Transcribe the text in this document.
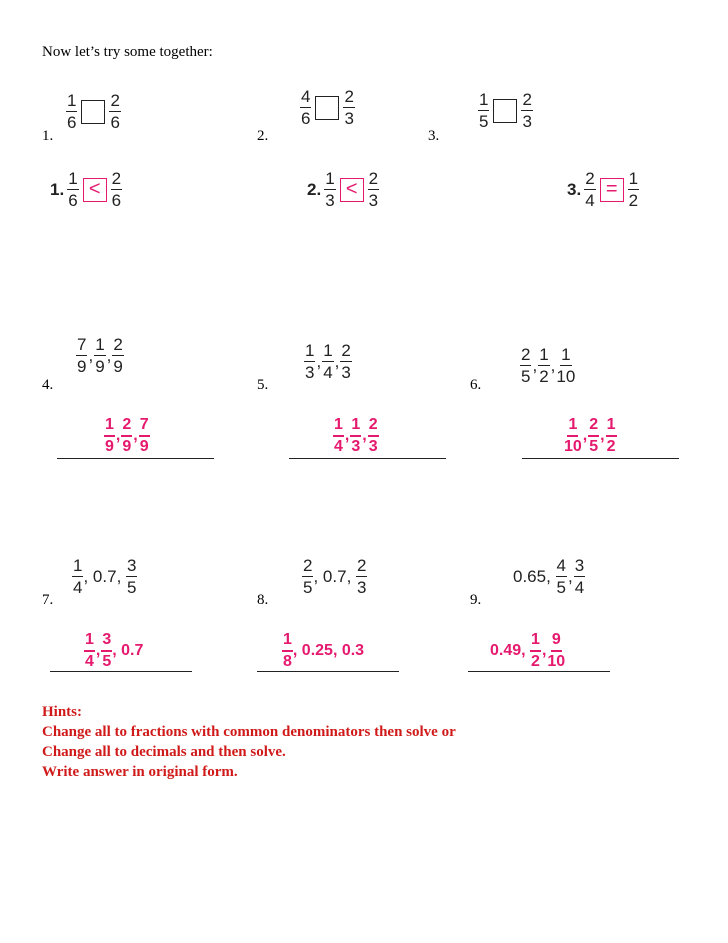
Now let’s try some together:
1.
1
6
2
6
2.
4
6
2
3
3.
1
5
2
3
1.
1
6
< 2
6
2.
1
3
< 2
3
3. $\frac{2}{4} = \frac{1}{2}$
4.
7
9
,
1
9
,
2
9
5.
1
3
,
1
4
,
2
3
6.
2
5
,
1
2
,
1
10
1
9
,
2
9
,
7
9
1
4
,
1
3
,
2
3
1
10
,
2
5
,
1
2
7.
1
4
, 0.7 ,
3
5
8.
2
5
, 0.7 ,
2
3
9.
0.65 ,
4
5
,
3
4
1
4
,
3
5
, 0.7
1
8
, 0.25 , 0.3	0.49 ,
1
2
,
9
10
Hints:
Change all to fractions with common denominators then solve or
Change all to decimals and then solve.
Write answer in original form.
